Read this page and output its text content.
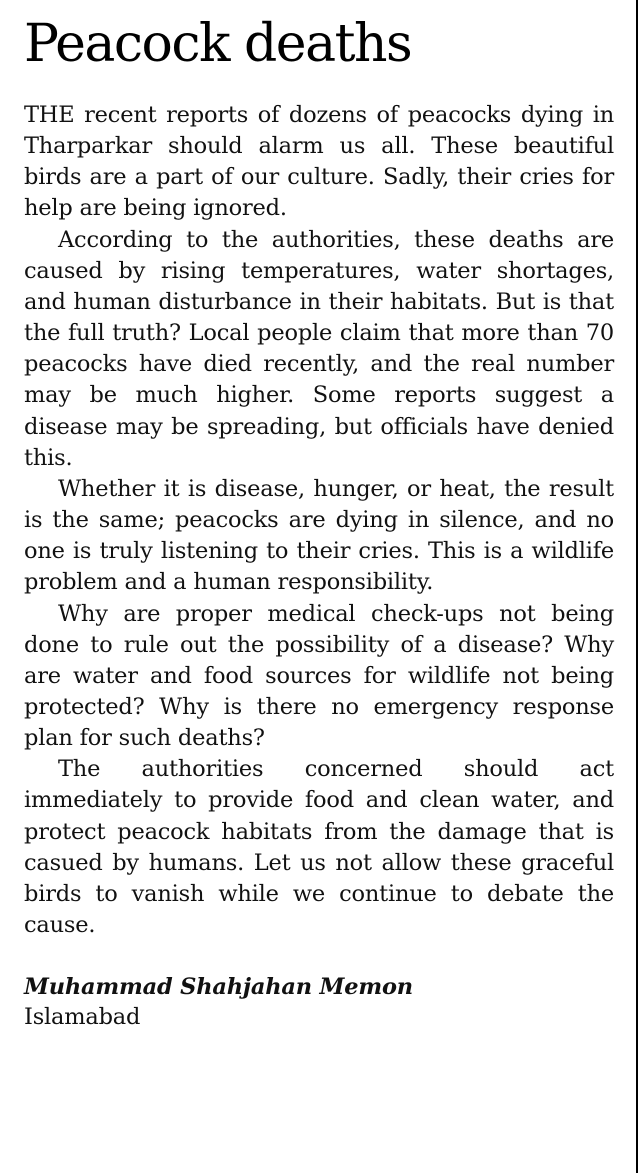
Peacock deaths

THE recent reports of dozens of peacocks dying in Tharparkar should alarm us all. These beautiful birds are a part of our culture. Sadly, their cries for help are being ignored.

According to the authorities, these deaths are caused by rising temperatures, water shortages, and human disturbance in their habitats. But is that the full truth? Local people claim that more than 70 peacocks have died recently, and the real number may be much higher. Some reports suggest a disease may be spreading, but officials have denied this.

Whether it is disease, hunger, or heat, the result is the same; peacocks are dying in silence, and no one is truly listening to their cries. This is a wildlife problem and a human responsibility.

Why are proper medical check-ups not being done to rule out the possibility of a disease? Why are water and food sources for wildlife not being protected? Why is there no emergency response plan for such deaths?

The authorities concerned should act immediately to provide food and clean water, and protect peacock habitats from the damage that is casued by humans. Let us not allow these graceful birds to vanish while we continue to debate the cause.

Muhammad Shahjahan Memon
Islamabad
